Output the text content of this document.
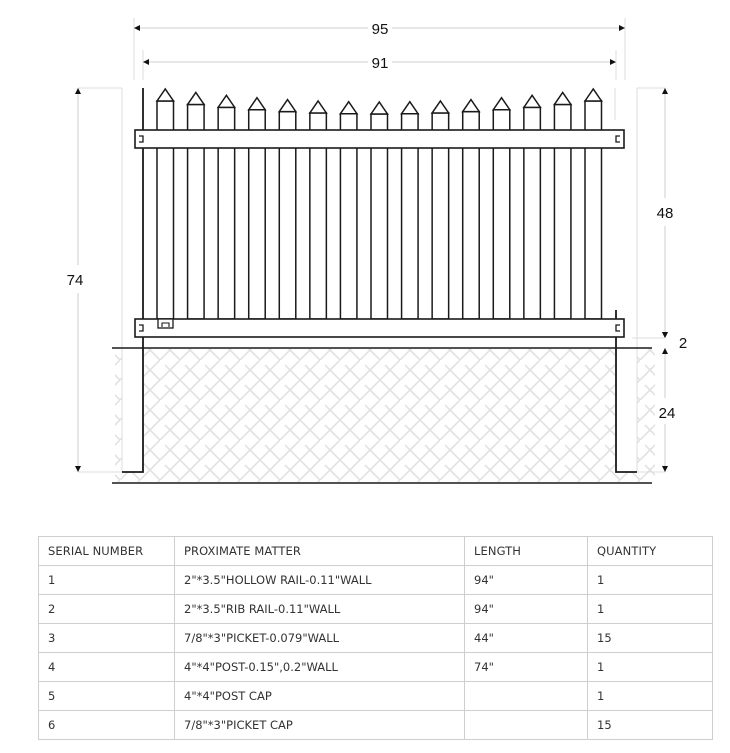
95
91
74
48
2
24
SERIAL NUMBER	PROXIMATE MATTER	LENGTH	QUANTITY
1	2"*3.5"HOLLOW RAIL-0.11"WALL	94"	1
2	2"*3.5"RIB RAIL-0.11"WALL	94"	1
3	7/8"*3"PICKET-0.079"WALL	44"	15
4	4"*4"POST-0.15",0.2"WALL	74"	1
5	4"*4"POST CAP		1
6	7/8"*3"PICKET CAP		15
